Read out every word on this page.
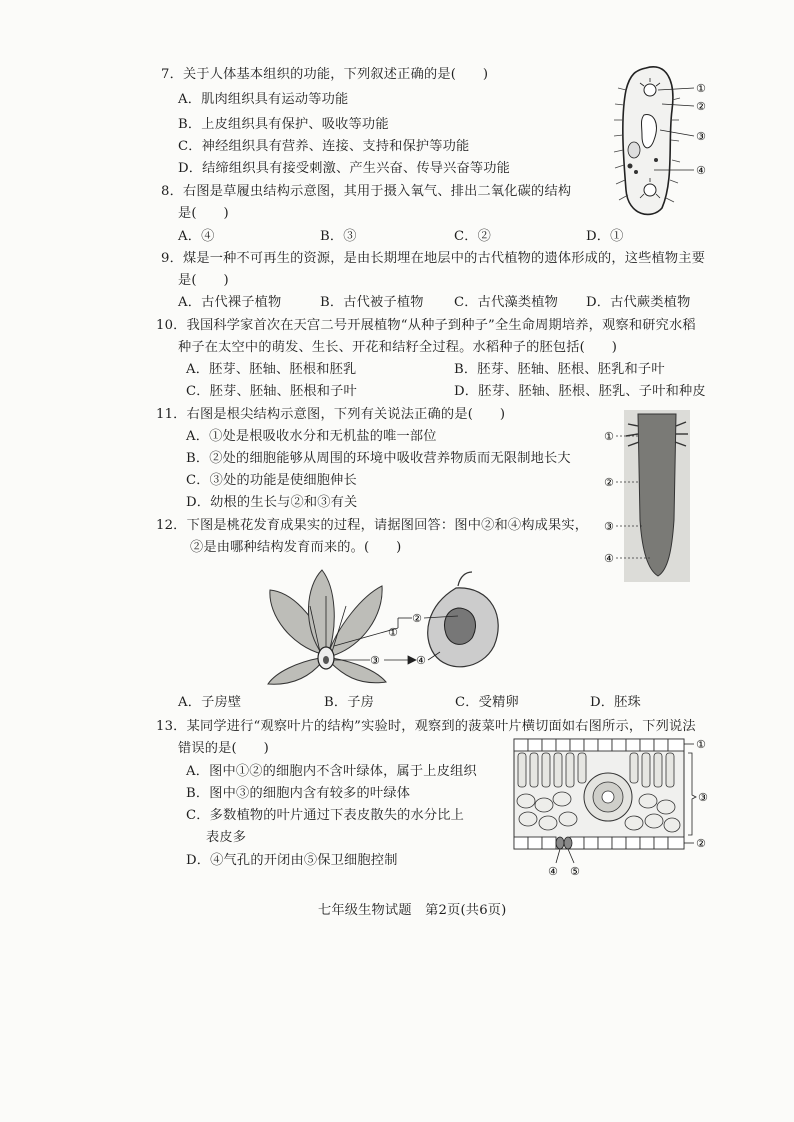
7．关于人体基本组织的功能，下列叙述正确的是(　　)
A．肌肉组织具有运动等功能
B．上皮组织具有保护、吸收等功能
C．神经组织具有营养、连接、支持和保护等功能
D．结缔组织具有接受刺激、产生兴奋、传导兴奋等功能
8．右图是草履虫结构示意图，其用于摄入氧气、排出二氧化碳的结构
是(　　)
A．④	B．③	C．②	D．①
9．煤是一种不可再生的资源，是由长期埋在地层中的古代植物的遗体形成的，这些植物主要
是(　　)
A．古代裸子植物	B．古代被子植物 C．古代藻类植物 D．古代蕨类植物
10．我国科学家首次在天宫二号开展植物“从种子到种子”全生命周期培养，观察和研究水稻
种子在太空中的萌发、生长、开花和结籽全过程。水稻种子的胚包括(　　)
A．胚芽、胚轴、胚根和胚乳	B．胚芽、胚轴、胚根、胚乳和子叶
C．胚芽、胚轴、胚根和子叶	D．胚芽、胚轴、胚根、胚乳、子叶和种皮
11．右图是根尖结构示意图，下列有关说法正确的是(　　)
A．①处是根吸收水分和无机盐的唯一部位
B．②处的细胞能够从周围的环境中吸收营养物质而无限制地长大
C．③处的功能是使细胞伸长
D．幼根的生长与②和③有关
12．下图是桃花发育成果实的过程，请据图回答：图中②和④构成果实，
②是由哪种结构发育而来的。(　　)
A．子房壁	B．子房	C．受精卵	D．胚珠
13．某同学进行“观察叶片的结构”实验时，观察到的菠菜叶片横切面如右图所示，下列说法
错误的是(　　)
A．图中①②的细胞内不含叶绿体，属于上皮组织
B．图中③的细胞内含有较多的叶绿体
C．多数植物的叶片通过下表皮散失的水分比上
表皮多
D．④气孔的开闭由⑤保卫细胞控制
七年级生物试题　第2页(共6页)
①
②
③
④
①
②
③
④
②
①
③	④
①
③
②
④ ⑤
